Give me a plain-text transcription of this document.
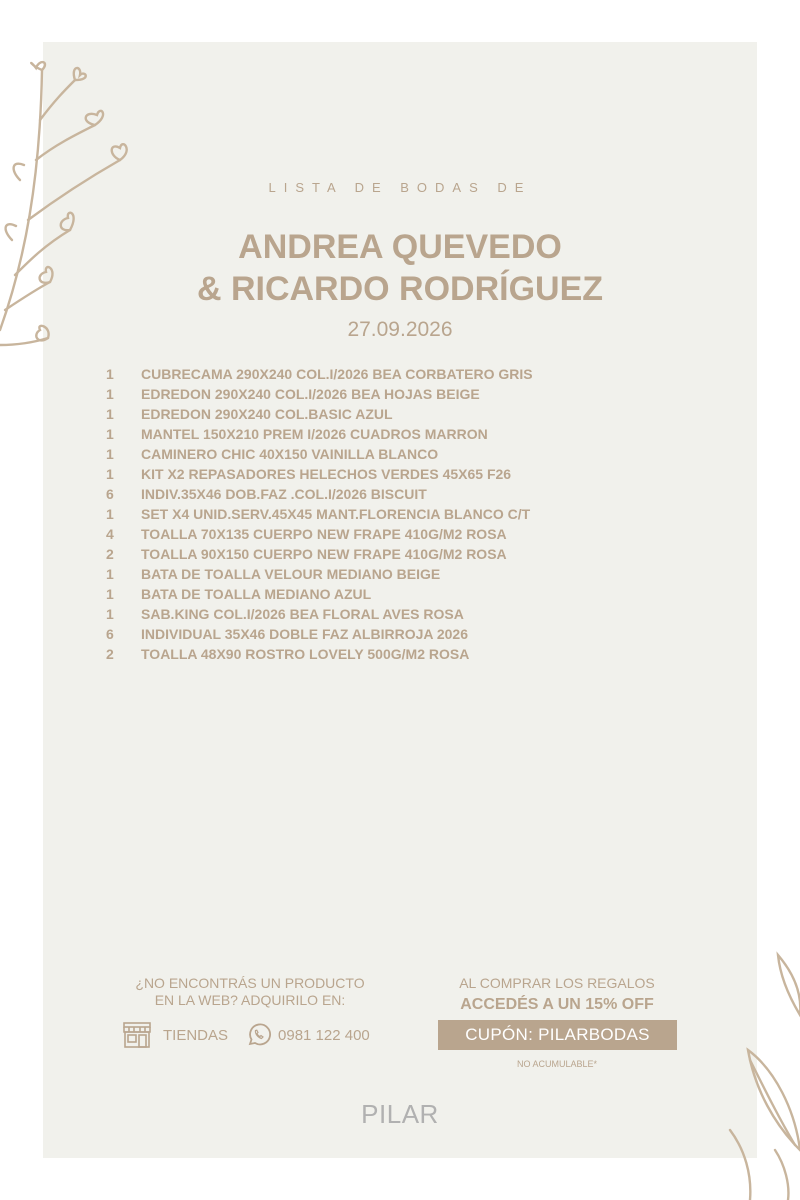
LISTA DE BODAS DE
ANDREA QUEVEDO
& RICARDO RODRÍGUEZ
27.09.2026
1	CUBRECAMA 290X240 COL.I/2026 BEA CORBATERO GRIS
1	EDREDON 290X240 COL.I/2026 BEA HOJAS BEIGE
1	EDREDON 290X240 COL.BASIC AZUL
1	MANTEL 150X210 PREM I/2026 CUADROS MARRON
1	CAMINERO CHIC 40X150 VAINILLA BLANCO
1	KIT X2 REPASADORES HELECHOS VERDES 45X65 F26
6	INDIV.35X46 DOB.FAZ .COL.I/2026 BISCUIT
1	SET X4 UNID.SERV.45X45 MANT.FLORENCIA BLANCO C/T
4	TOALLA 70X135 CUERPO NEW FRAPE 410G/M2 ROSA
2	TOALLA 90X150 CUERPO NEW FRAPE 410G/M2 ROSA
1	BATA DE TOALLA VELOUR MEDIANO BEIGE
1	BATA DE TOALLA MEDIANO AZUL
1	SAB.KING COL.I/2026 BEA FLORAL AVES ROSA
6	INDIVIDUAL 35X46 DOBLE FAZ ALBIRROJA 2026
2	TOALLA 48X90 ROSTRO LOVELY 500G/M2 ROSA
¿NO ENCONTRÁS UN PRODUCTO
EN LA WEB? ADQUIRILO EN:
TIENDAS	0981 122 400
AL COMPRAR LOS REGALOS
ACCEDÉS A UN 15% OFF
CUPÓN: PILARBODAS
NO ACUMULABLE*
PILAR
